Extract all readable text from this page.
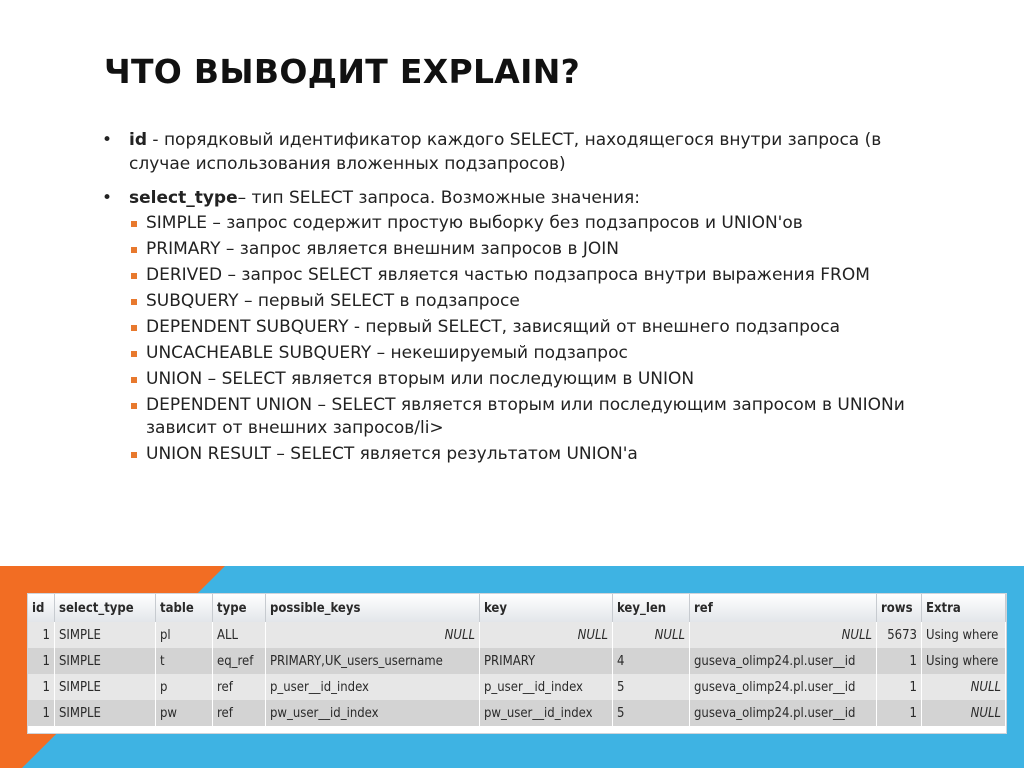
ЧТО ВЫВОДИТ EXPLAIN?
• id - порядковый идентификатор каждого SELECT, находящегося внутри запроса (в случае использования вложенных подзапросов)
• select_type– тип SELECT запроса. Возможные значения:
SIMPLE – запрос содержит простую выборку без подзапросов и UNION'ов
PRIMARY – запрос является внешним запросов в JOIN
DERIVED – запрос SELECT является частью подзапроса внутри выражения FROM
SUBQUERY – первый SELECT в подзапросе
DEPENDENT SUBQUERY - первый SELECT, зависящий от внешнего подзапроса
UNCACHEABLE SUBQUERY – некешируемый подзапрос
UNION – SELECT является вторым или последующим в UNION
DEPENDENT UNION – SELECT является вторым или последующим запросом в UNIONи зависит от внешних запросов/li>
UNION RESULT – SELECT является результатом UNION'а
id	select_type	table	type	possible_keys	key	key_len	ref	rows	Extra
1	SIMPLE	pl	ALL	NULL	NULL	NULL	NULL	5673	Using where
1	SIMPLE	t	eq_ref	PRIMARY,UK_users_username	PRIMARY	4	guseva_olimp24.pl.user__id	1	Using where
1	SIMPLE	p	ref	p_user__id_index	p_user__id_index	5	guseva_olimp24.pl.user__id	1	NULL
1	SIMPLE	pw	ref	pw_user__id_index	pw_user__id_index	5	guseva_olimp24.pl.user__id	1	NULL
